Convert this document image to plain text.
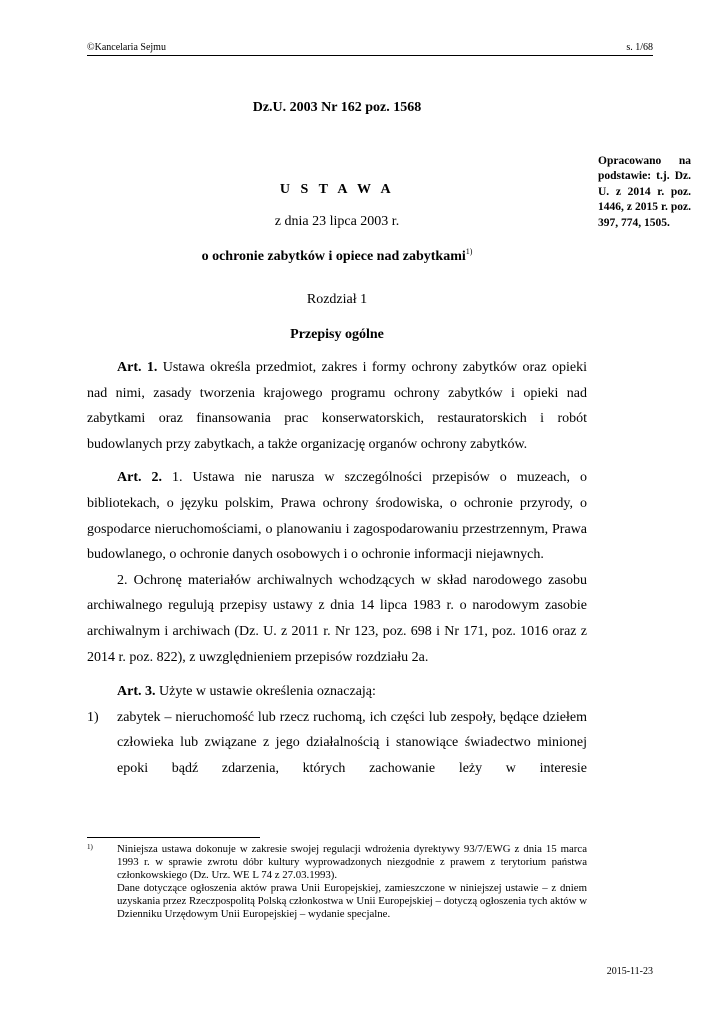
©Kancelaria Sejmu	s. 1/68
Dz.U. 2003 Nr 162 poz. 1568
Opracowano na podstawie: t.j. Dz. U. z 2014 r. poz. 1446, z 2015 r. poz. 397, 774, 1505.
U S T A W A
z dnia 23 lipca 2003 r.
o ochronie zabytków i opiece nad zabytkami$^{1)}$
Rozdział 1
Przepisy ogólne

Art. 1. Ustawa określa przedmiot, zakres i formy ochrony zabytków oraz opieki nad nimi, zasady tworzenia krajowego programu ochrony zabytków i opieki nad zabytkami oraz finansowania prac konserwatorskich, restauratorskich i robót budowlanych przy zabytkach, a także organizację organów ochrony zabytków.

Art. 2. 1. Ustawa nie narusza w szczególności przepisów o muzeach, o bibliotekach, o języku polskim, Prawa ochrony środowiska, o ochronie przyrody, o gospodarce nieruchomościami, o planowaniu i zagospodarowaniu przestrzennym, Prawa budowlanego, o ochronie danych osobowych i o ochronie informacji niejawnych.

2. Ochronę materiałów archiwalnych wchodzących w skład narodowego zasobu archiwalnego regulują przepisy ustawy z dnia 14 lipca 1983 r. o narodowym zasobie archiwalnym i archiwach (Dz. U. z 2011 r. Nr 123, poz. 698 i Nr 171, poz. 1016 oraz z 2014 r. poz. 822), z uwzględnieniem przepisów rozdziału 2a.

Art. 3. Użyte w ustawie określenia oznaczają:

1)	zabytek – nieruchomość lub rzecz ruchomą, ich części lub zespoły, będące dziełem człowieka lub związane z jego działalnością i stanowiące świadectwo minionej epoki bądź zdarzenia, których zachowanie leży w interesie
1) Niniejsza ustawa dokonuje w zakresie swojej regulacji wdrożenia dyrektywy 93/7/EWG z dnia 15 marca 1993 r. w sprawie zwrotu dóbr kultury wyprowadzonych niezgodnie z prawem z terytorium państwa członkowskiego (Dz. Urz. WE L 74 z 27.03.1993).
Dane dotyczące ogłoszenia aktów prawa Unii Europejskiej, zamieszczone w niniejszej ustawie – z dniem uzyskania przez Rzeczpospolitą Polską członkostwa w Unii Europejskiej – dotyczą ogłoszenia tych aktów w Dzienniku Urzędowym Unii Europejskiej – wydanie specjalne.
2015-11-23
